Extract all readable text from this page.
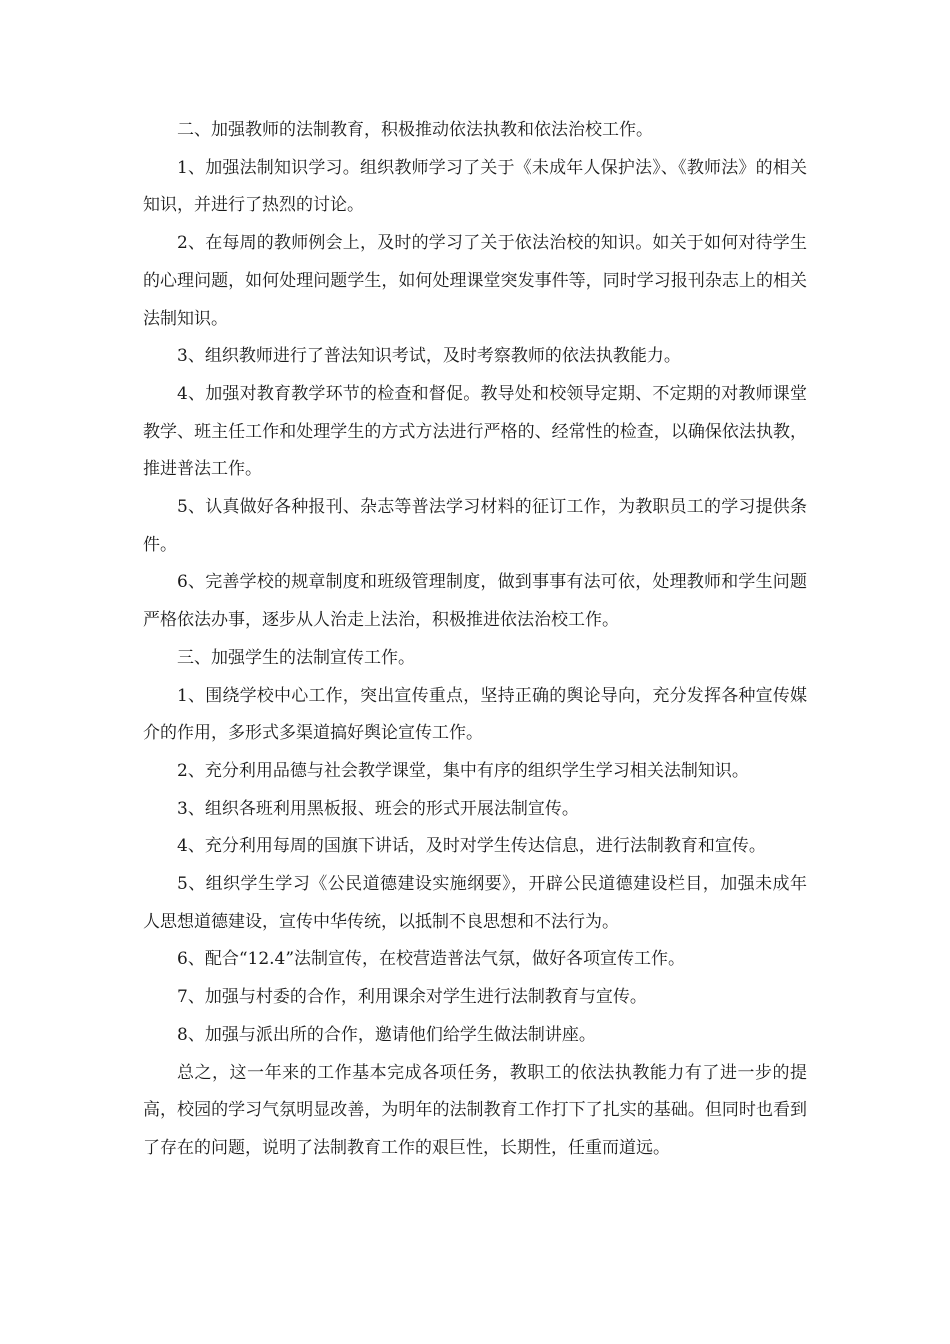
二、加强教师的法制教育，积极推动依法执教和依法治校工作。

1、加强法制知识学习。组织教师学习了关于《未成年人保护法》、《教师法》的相关知识，并进行了热烈的讨论。

2、在每周的教师例会上，及时的学习了关于依法治校的知识。如关于如何对待学生的心理问题，如何处理问题学生，如何处理课堂突发事件等，同时学习报刊杂志上的相关法制知识。

3、组织教师进行了普法知识考试，及时考察教师的依法执教能力。

4、加强对教育教学环节的检查和督促。教导处和校领导定期、不定期的对教师课堂教学、班主任工作和处理学生的方式方法进行严格的、经常性的检查，以确保依法执教，推进普法工作。

5、认真做好各种报刊、杂志等普法学习材料的征订工作，为教职员工的学习提供条件。

6、完善学校的规章制度和班级管理制度，做到事事有法可依，处理教师和学生问题严格依法办事，逐步从人治走上法治，积极推进依法治校工作。

三、加强学生的法制宣传工作。

1、围绕学校中心工作，突出宣传重点，坚持正确的舆论导向，充分发挥各种宣传媒介的作用，多形式多渠道搞好舆论宣传工作。

2、充分利用品德与社会教学课堂，集中有序的组织学生学习相关法制知识。

3、组织各班利用黑板报、班会的形式开展法制宣传。

4、充分利用每周的国旗下讲话，及时对学生传达信息，进行法制教育和宣传。

5、组织学生学习《公民道德建设实施纲要》，开辟公民道德建设栏目，加强未成年人思想道德建设，宣传中华传统，以抵制不良思想和不法行为。

6、配合“12.4”法制宣传，在校营造普法气氛，做好各项宣传工作。

7、加强与村委的合作，利用课余对学生进行法制教育与宣传。

8、加强与派出所的合作，邀请他们给学生做法制讲座。

总之，这一年来的工作基本完成各项任务，教职工的依法执教能力有了进一步的提高，校园的学习气氛明显改善，为明年的法制教育工作打下了扎实的基础。但同时也看到了存在的问题，说明了法制教育工作的艰巨性，长期性，任重而道远。
